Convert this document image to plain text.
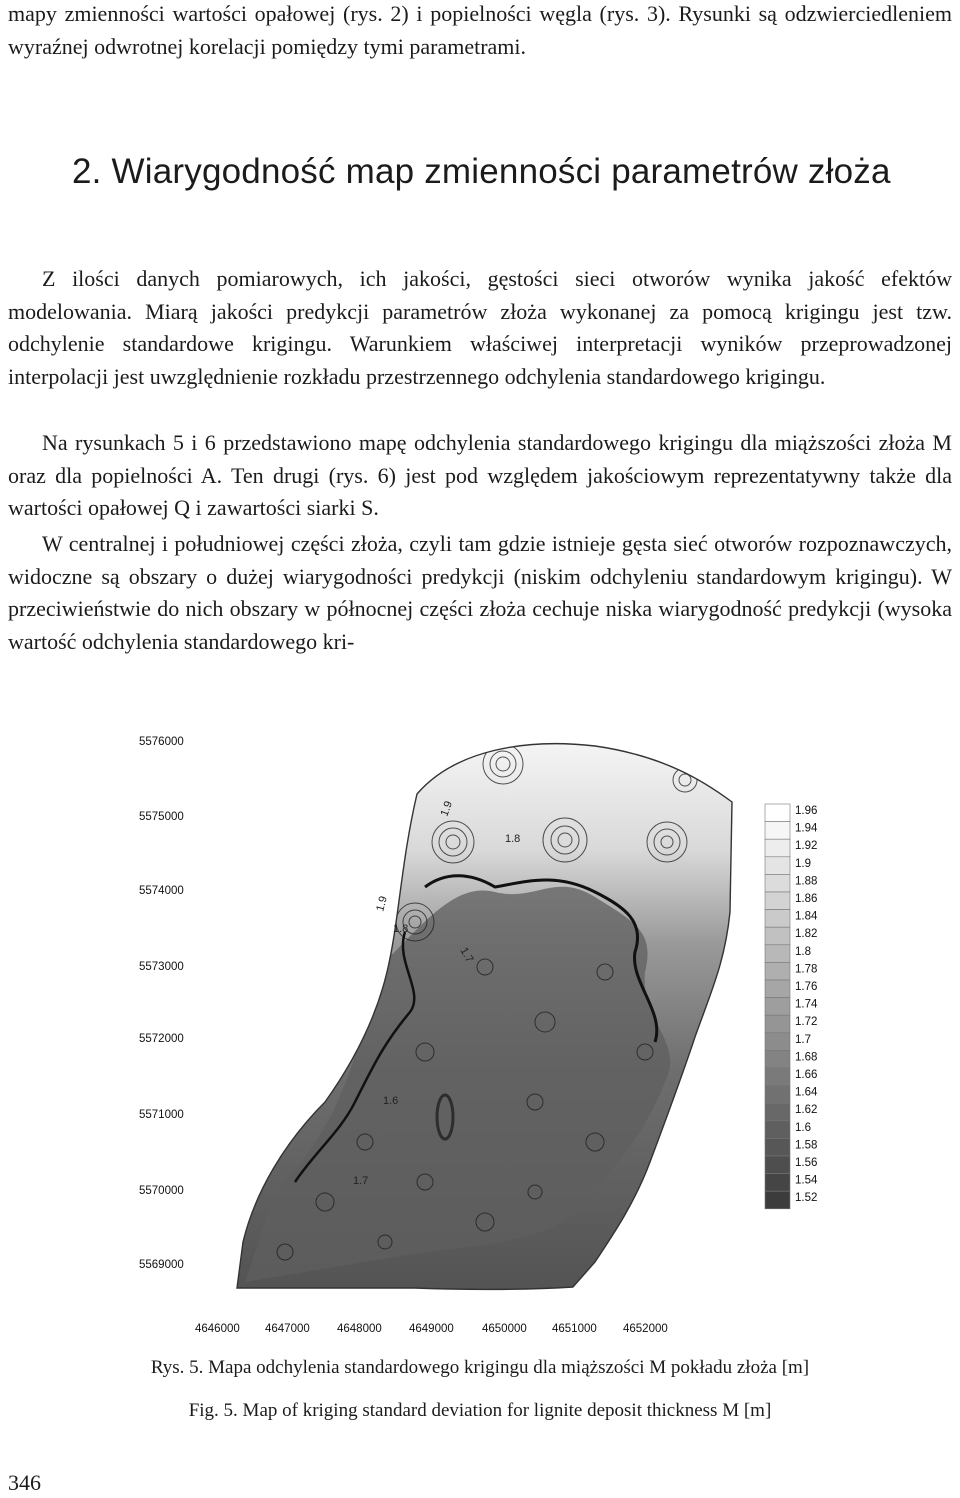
mapy zmienności wartości opałowej (rys. 2) i popielności węgla (rys. 3). Rysunki są odzwierciedleniem wyraźnej odwrotnej korelacji pomiędzy tymi parametrami.

2. Wiarygodność map zmienności parametrów złoża

Z ilości danych pomiarowych, ich jakości, gęstości sieci otworów wynika jakość efektów modelowania. Miarą jakości predykcji parametrów złoża wykonanej za pomocą krigingu jest tzw. odchylenie standardowe krigingu. Warunkiem właściwej interpretacji wyników przeprowadzonej interpolacji jest uwzględnienie rozkładu przestrzennego odchylenia standardowego krigingu.

Na rysunkach 5 i 6 przedstawiono mapę odchylenia standardowego krigingu dla miąższości złoża M oraz dla popielności A. Ten drugi (rys. 6) jest pod względem jakościowym reprezentatywny także dla wartości opałowej Q i zawartości siarki S.

W centralnej i południowej części złoża, czyli tam gdzie istnieje gęsta sieć otworów rozpoznawczych, widoczne są obszary o dużej wiarygodności predykcji (niskim odchyleniu standardowym krigingu). W przeciwieństwie do nich obszary w północnej części złoża cechuje niska wiarygodność predykcji (wysoka wartość odchylenia standardowego kri-

1.9
1.8
1.9
1.8
1.7
1.6
1.7
5576000
5575000
5574000
5573000
5572000
5571000
5570000
5569000
4646000 4647000 4648000 4649000 4650000 4651000 4652000
1.96
1.94
1.92
1.9
1.88
1.86
1.84
1.82
1.8
1.78
1.76
1.74
1.72
1.7
1.68
1.66
1.64
1.62
1.6
1.58
1.56
1.54
1.52

Rys. 5. Mapa odchylenia standardowego krigingu dla miąższości M pokładu złoża [m]

Fig. 5. Map of kriging standard deviation for lignite deposit thickness M [m]

346
